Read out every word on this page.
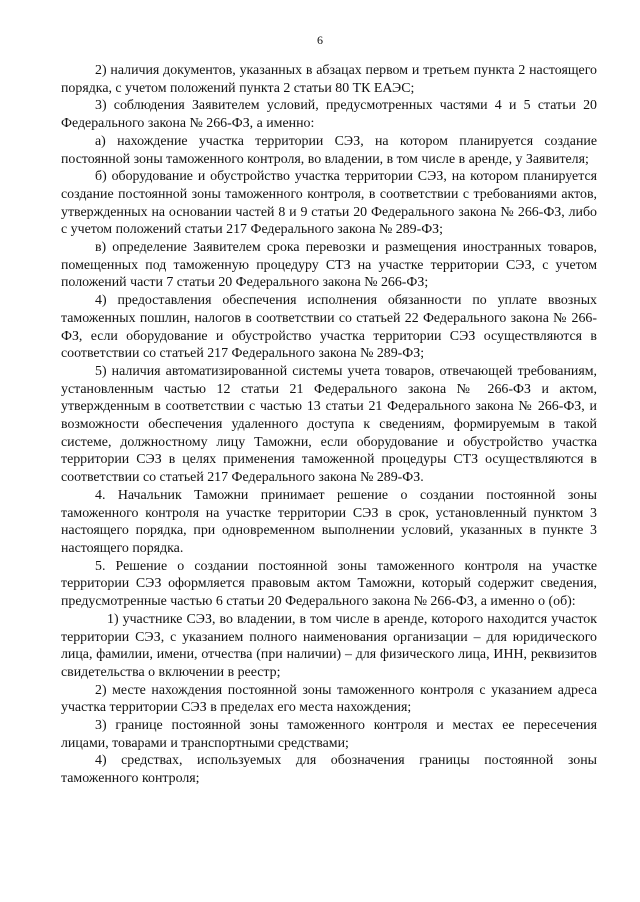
6

2) наличия документов, указанных в абзацах первом и третьем пункта 2 настоящего порядка, с учетом положений пункта 2 статьи 80 ТК ЕАЭС;

3) соблюдения Заявителем условий, предусмотренных частями 4 и 5 статьи 20 Федерального закона № 266-ФЗ, а именно:

а) нахождение участка территории СЭЗ, на котором планируется создание постоянной зоны таможенного контроля, во владении, в том числе в аренде, у Заявителя;

б) оборудование и обустройство участка территории СЭЗ, на котором планируется создание постоянной зоны таможенного контроля, в соответствии с требованиями актов, утвержденных на основании частей 8 и 9 статьи 20 Федерального закона № 266-ФЗ, либо с учетом положений статьи 217 Федерального закона № 289-ФЗ;

в) определение Заявителем срока перевозки и размещения иностранных товаров, помещенных под таможенную процедуру СТЗ на участке территории СЭЗ, с учетом положений части 7 статьи 20 Федерального закона № 266-ФЗ;

4) предоставления обеспечения исполнения обязанности по уплате ввозных таможенных пошлин, налогов в соответствии со статьей 22 Федерального закона № 266-ФЗ, если оборудование и обустройство участка территории СЭЗ осуществляются в соответствии со статьей 217 Федерального закона № 289-ФЗ;

5) наличия автоматизированной системы учета товаров, отвечающей требованиям, установленным частью 12 статьи 21 Федерального закона № 266-ФЗ и актом, утвержденным в соответствии с частью 13 статьи 21 Федерального закона № 266-ФЗ, и возможности обеспечения удаленного доступа к сведениям, формируемым в такой системе, должностному лицу Таможни, если оборудование и обустройство участка территории СЭЗ в целях применения таможенной процедуры СТЗ осуществляются в соответствии со статьей 217 Федерального закона № 289-ФЗ.

4. Начальник Таможни принимает решение о создании постоянной зоны таможенного контроля на участке территории СЭЗ в срок, установленный пунктом 3 настоящего порядка, при одновременном выполнении условий, указанных в пункте 3 настоящего порядка.

5. Решение о создании постоянной зоны таможенного контроля на участке территории СЭЗ оформляется правовым актом Таможни, который содержит сведения, предусмотренные частью 6 статьи 20 Федерального закона № 266-ФЗ, а именно о (об):

1) участнике СЭЗ, во владении, в том числе в аренде, которого находится участок территории СЭЗ, с указанием полного наименования организации – для юридического лица, фамилии, имени, отчества (при наличии) – для физического лица, ИНН, реквизитов свидетельства о включении в реестр;

2) месте нахождения постоянной зоны таможенного контроля с указанием адреса участка территории СЭЗ в пределах его места нахождения;

3) границе постоянной зоны таможенного контроля и местах ее пересечения лицами, товарами и транспортными средствами;

4) средствах, используемых для обозначения границы постоянной зоны таможенного контроля;
